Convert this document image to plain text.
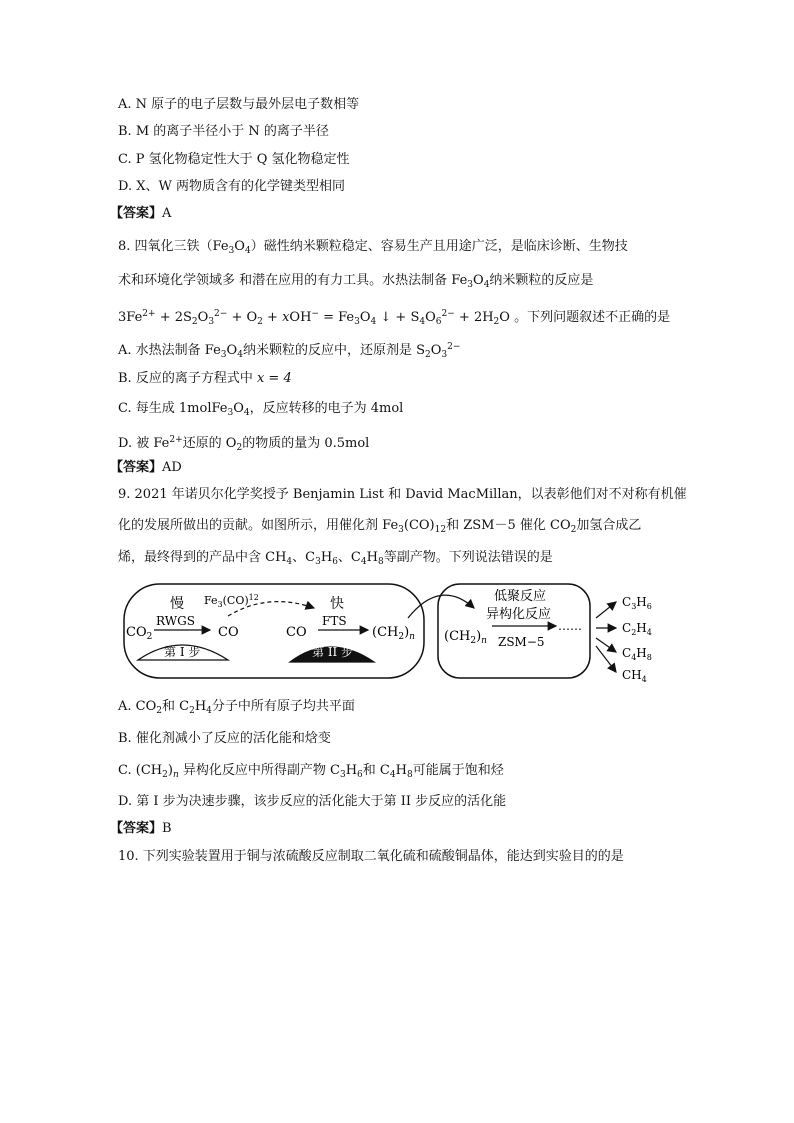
A. N 原子的电子层数与最外层电子数相等
B. M 的离子半径小于 N 的离子半径
C. P 氢化物稳定性大于 Q 氢化物稳定性
D. X、W 两物质含有的化学键类型相同
【答案】A
8. 四氧化三铁$(Fe_3O_4)$磁性纳米颗粒稳定、容易生产且用途广泛，是临床诊断、生物技
术和环境化学领域多 和潜在应用的有力工具。水热法制备 $Fe_3O_4$纳米颗粒的反应是
$3Fe^{2+} + 2S_2O_3^{2-} + O_2 + xOH^- = Fe_3O_4$ ↓ + $S_4O_6^{2-} + 2H_2O$ 。下列问题叙述不正确的是
A. 水热法制备 $Fe_3O_4$纳米颗粒的反应中，还原剂是 $S_2O_3^{2-}$
B. 反应的离子方程式中 x = 4
C. 每生成 $1molFe_3O_4$，反应转移的电子为 4mol
D. 被 $Fe^{2+}$还原的 $O_2$的物质的量为 0.5mol
【答案】AD
9. 2021 年诺贝尔化学奖授予 Benjamin List 和 David MacMillan，以表彰他们对不对称有机催
化的发展所做出的贡献。如图所示，用催化剂 $Fe_3(CO)_{12}$和 ZSM－5 催化 $CO_2$加氢合成乙
烯，最终得到的产品中含 $CH_4$、$C_3H_6$、$C_4H_8$等副产物。下列说法错误的是
慢
RWGS
$CO_2$	CO
$Fe_3(CO)^{12}$
第 I 步
快
FTS
CO	$(CH_2)_n$
第 II 步
低聚反应
异构化反应
……
$(CH_2)_n$ ZSM−5
$C_3H_6$
$C_2H_4$
$C_4H_8$
$CH_4$
A. $CO_2$和 $C_2H_4$分子中所有原子均共平面
B. 催化剂减小了反应的活化能和焓变
C. $(CH_2)_n$ 异构化反应中所得副产物 $C_3H_6$和 $C_4H_8$可能属于饱和烃
D. 第 I 步为决速步骤，该步反应的活化能大于第 II 步反应的活化能
【答案】B
10. 下列实验装置用于铜与浓硫酸反应制取二氧化硫和硫酸铜晶体，能达到实验目的的是
